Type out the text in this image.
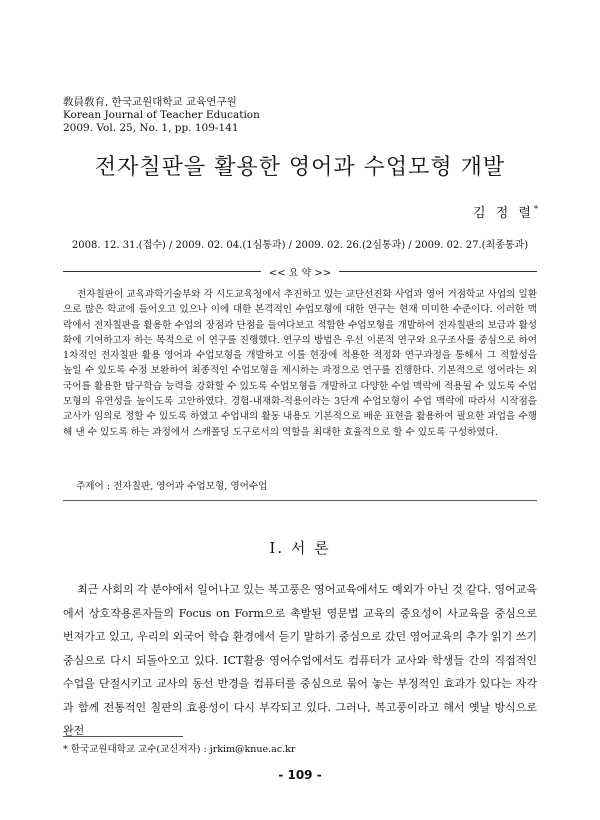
敎員敎育, 한국교원대학교 교육연구원
Korean Journal of Teacher Education
2009. Vol. 25, No. 1, pp. 109-141
전자칠판을 활용한 영어과 수업모형 개발
김 정 렬*
2008. 12. 31.(접수) / 2009. 02. 04.(1심통과) / 2009. 02. 26.(2심통과) / 2009. 02. 27.(최종통과)
<< 요 약 >>

전자칠판이 교육과학기술부와 각 시도교육청에서 추진하고 있는 교단선진화 사업과 영어 거점학교 사업의 일환으로 많은 학교에 들어오고 있으나 이에 대한 본격적인 수업모형에 대한 연구는 현재 미미한 수준이다. 이러한 맥락에서 전자칠판을 활용한 수업의 장점과 단점을 들여다보고 적합한 수업모형을 개발하여 전자칠판의 보급과 활성화에 기여하고자 하는 목적으로 이 연구를 진행했다. 연구의 방법은 우선 이론적 연구와 요구조사를 중심으로 하여 1차적인 전자칠판 활용 영어과 수업모형을 개발하고 이를 현장에 적용한 적정화 연구과정을 통해서 그 적합성을 높일 수 있도록 수정 보완하여 최종적인 수업모형을 제시하는 과정으로 연구를 진행한다. 기본적으로 영어라는 외국어를 활용한 탐구학습 능력을 강화할 수 있도록 수업모형을 개발하고 다양한 수업 맥락에 적용될 수 있도록 수업모형의 유연성을 높이도록 고안하였다. 경험-내재화-적용이라는 3단계 수업모형이 수업 맥락에 따라서 시작점을 교사가 임의로 정할 수 있도록 하였고 수업내의 활동 내용도 기본적으로 배운 표현을 활용하여 필요한 과업을 수행해 낸 수 있도록 하는 과정에서 스캐폴딩 도구로서의 역할을 최대한 효율적으로 할 수 있도록 구성하였다.

주제어 : 전자칠판, 영어과 수업모형, 영어수업
I. 서 론

최근 사회의 각 분야에서 일어나고 있는 복고풍은 영어교육에서도 예외가 아닌 것 같다. 영어교육에서 상호작용론자들의 Focus on Form으로 촉발된 영문법 교육의 중요성이 사교육을 중심으로 번져가고 있고, 우리의 외국어 학습 환경에서 듣기 말하기 중심으로 갔던 영어교육의 추가 읽기 쓰기 중심으로 다시 되돌아오고 있다. ICT활용 영어수업에서도 컴퓨터가 교사와 학생들 간의 직접적인 수업을 단절시키고 교사의 동선 반경을 컴퓨터를 중심으로 묶어 놓는 부정적인 효과가 있다는 자각과 함께 전통적인 칠판의 효용성이 다시 부각되고 있다. 그러나, 복고풍이라고 해서 옛날 방식으로 완전

* 한국교원대학교 교수(교신저자) : jrkim@knue.ac.kr
- 109 -
